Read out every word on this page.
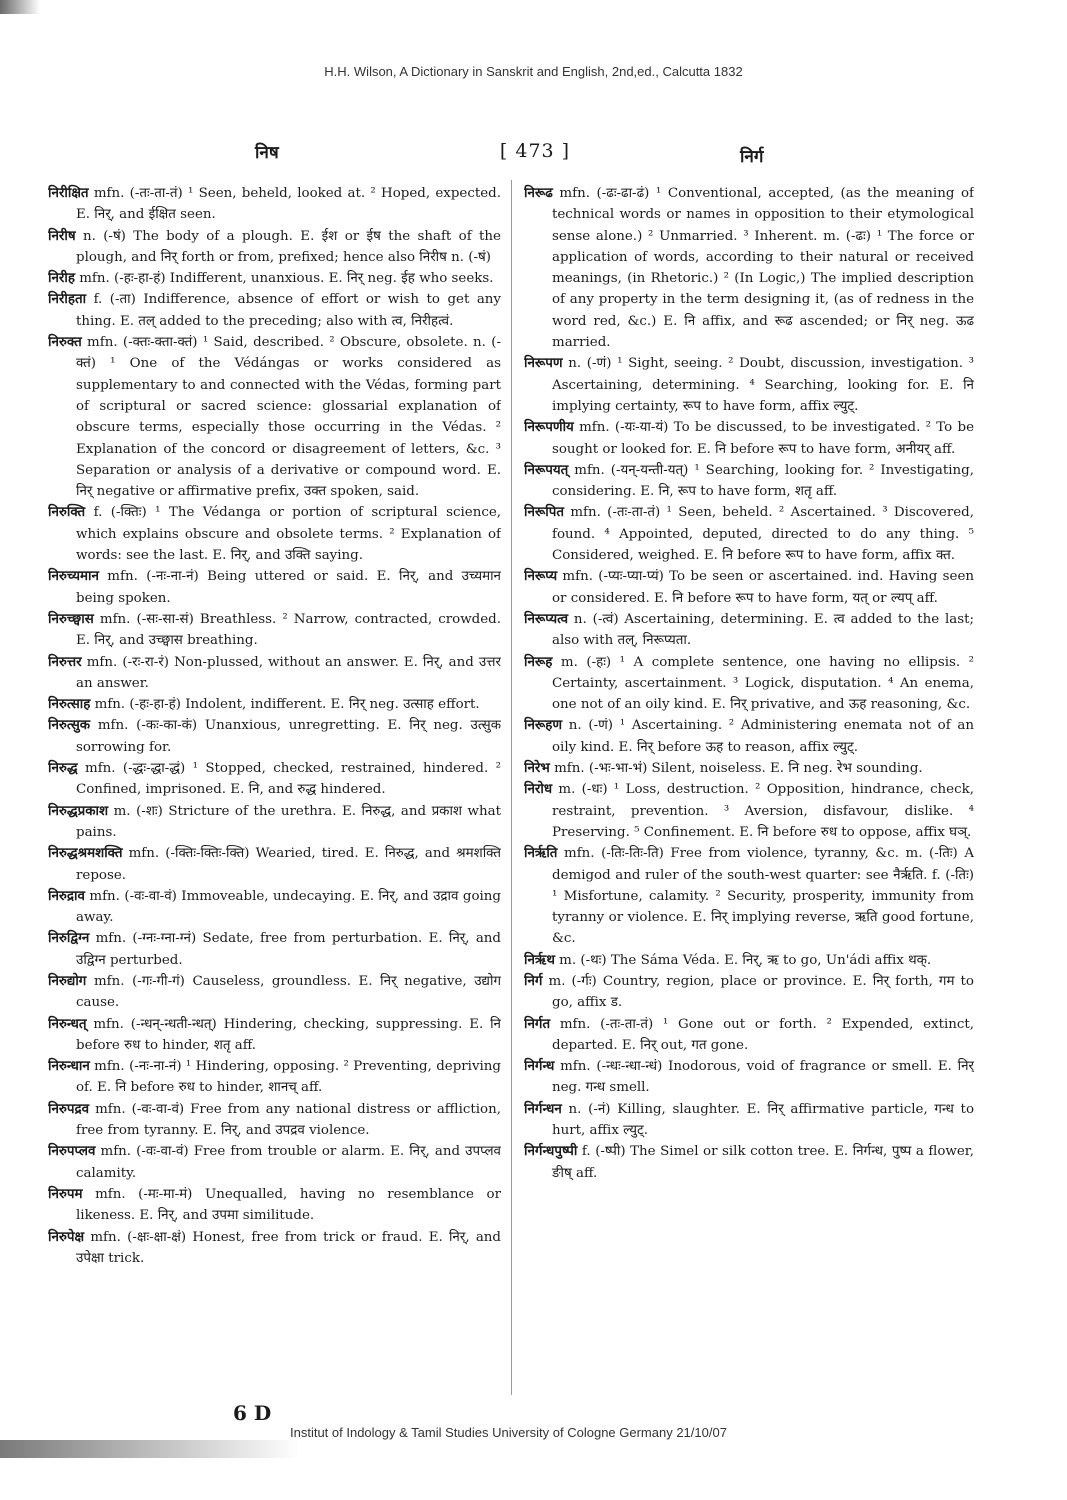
H.H. Wilson, A Dictionary in Sanskrit and English, 2nd,ed., Calcutta 1832
निष	[ 473 ]	निर्ग

निरीक्षित mfn. (-तः-ता-तं) ¹ Seen, beheld, looked at. ² Hoped, expected. E. निर्, and ईक्षित seen.

निरीष n. (-षं) The body of a plough. E. ईश or ईष the shaft of the plough, and निर् forth or from, prefixed; hence also निरीष n. (-षं)

निरीह mfn. (-हः-हा-हं) Indifferent, unanxious. E. निर् neg. ईह who seeks.

निरीहता f. (-ता) Indifference, absence of effort or wish to get any thing. E. तल् added to the preceding; also with त्व, निरीहत्वं.

निरुक्त mfn. (-क्तः-क्ता-क्तं) ¹ Said, described. ² Obscure, obsolete. n. (-क्तं) ¹ One of the Védángas or works considered as supplementary to and connected with the Védas, forming part of scriptural or sacred science: glossarial explanation of obscure terms, especially those occurring in the Védas. ² Explanation of the concord or disagreement of letters, &c. ³ Separation or analysis of a derivative or compound word. E. निर् negative or affirmative prefix, उक्त spoken, said.

निरुक्ति f. (-क्तिः) ¹ The Védanga or portion of scriptural science, which explains obscure and obsolete terms. ² Explanation of words: see the last. E. निर्, and उक्ति saying.

निरुच्यमान mfn. (-नः-ना-नं) Being uttered or said. E. निर्, and उच्यमान being spoken.

निरुच्छ्वास mfn. (-सः-सा-सं) Breathless. ² Narrow, contracted, crowded. E. निर्, and उच्छ्वास breathing.

निरुत्तर mfn. (-रः-रा-रं) Non-plussed, without an answer. E. निर्, and उत्तर an answer.

निरुत्साह mfn. (-हः-हा-हं) Indolent, indifferent. E. निर् neg. उत्साह effort.

निरुत्सुक mfn. (-कः-का-कं) Unanxious, unregretting. E. निर् neg. उत्सुक sorrowing for.

निरुद्ध mfn. (-द्धः-द्धा-द्धं) ¹ Stopped, checked, restrained, hindered. ² Confined, imprisoned. E. नि, and रुद्ध hindered.

निरुद्धप्रकाश m. (-शः) Stricture of the urethra. E. निरुद्ध, and प्रकाश what pains.

निरुद्धश्रमशक्ति mfn. (-क्तिः-क्तिः-क्ति) Wearied, tired. E. निरुद्ध, and श्रमशक्ति repose.

निरुद्राव mfn. (-वः-वा-वं) Immoveable, undecaying. E. निर्, and उद्राव going away.

निरुद्विग्न mfn. (-ग्नः-ग्ना-ग्नं) Sedate, free from perturbation. E. निर्, and उद्विग्न perturbed.

निरुद्योग mfn. (-गः-गी-गं) Causeless, groundless. E. निर् negative, उद्योग cause.

निरुन्धत् mfn. (-न्धन्-न्धती-न्धत्) Hindering, checking, suppressing. E. नि before रुध to hinder, शतृ aff.

निरुन्धान mfn. (-नः-ना-नं) ¹ Hindering, opposing. ² Preventing, depriving of. E. नि before रुध to hinder, शानच् aff.

निरुपद्रव mfn. (-वः-वा-वं) Free from any national distress or affliction, free from tyranny. E. निर्, and उपद्रव violence.

निरुपप्लव mfn. (-वः-वा-वं) Free from trouble or alarm. E. निर्, and उपप्लव calamity.

निरुपम mfn. (-मः-मा-मं) Unequalled, having no resemblance or likeness. E. निर्, and उपमा similitude.

निरुपेक्ष mfn. (-क्षः-क्षा-क्षं) Honest, free from trick or fraud. E. निर्, and उपेक्षा trick.

निरूढ mfn. (-ढः-ढा-ढं) ¹ Conventional, accepted, (as the meaning of technical words or names in opposition to their etymological sense alone.) ² Unmarried. ³ Inherent. m. (-ढः) ¹ The force or application of words, according to their natural or received meanings, (in Rhetoric.) ² (In Logic,) The implied description of any property in the term designing it, (as of redness in the word red, &c.) E. नि affix, and रूढ ascended; or निर् neg. ऊढ married.

निरूपण n. (-णं) ¹ Sight, seeing. ² Doubt, discussion, investigation. ³ Ascertaining, determining. ⁴ Searching, looking for. E. नि implying certainty, रूप to have form, affix ल्युट्.

निरूपणीय mfn. (-यः-या-यं) To be discussed, to be investigated. ² To be sought or looked for. E. नि before रूप to have form, अनीयर् aff.

निरूपयत् mfn. (-यन्-यन्ती-यत्) ¹ Searching, looking for. ² Investigating, considering. E. नि, रूप to have form, शतृ aff.

निरूपित mfn. (-तः-ता-तं) ¹ Seen, beheld. ² Ascertained. ³ Discovered, found. ⁴ Appointed, deputed, directed to do any thing. ⁵ Considered, weighed. E. नि before रूप to have form, affix क्त.

निरूप्य mfn. (-प्यः-प्या-प्यं) To be seen or ascertained. ind. Having seen or considered. E. नि before रूप to have form, यत् or ल्यप् aff.

निरूप्यत्व n. (-त्वं) Ascertaining, determining. E. त्व added to the last; also with तल्, निरूप्यता.

निरूह m. (-हः) ¹ A complete sentence, one having no ellipsis. ² Certainty, ascertainment. ³ Logick, disputation. ⁴ An enema, one not of an oily kind. E. निर् privative, and ऊह reasoning, &c.

निरूहण n. (-णं) ¹ Ascertaining. ² Administering enemata not of an oily kind. E. निर् before ऊह to reason, affix ल्युट्.

निरेभ mfn. (-भः-भा-भं) Silent, noiseless. E. नि neg. रेभ sounding.

निरोध m. (-धः) ¹ Loss, destruction. ² Opposition, hindrance, check, restraint, prevention. ³ Aversion, disfavour, dislike. ⁴ Preserving. ⁵ Confinement. E. नि before रुध to oppose, affix घञ्.

निर्ऋति mfn. (-तिः-तिः-ति) Free from violence, tyranny, &c. m. (-तिः) A demigod and ruler of the south-west quarter: see नैर्ऋति. f. (-तिः) ¹ Misfortune, calamity. ² Security, prosperity, immunity from tyranny or violence. E. निर् implying reverse, ऋति good fortune, &c.

निर्ऋथ m. (-थः) The Sáma Véda. E. निर्, ऋ to go, Un'ádi affix थक्.

निर्ग m. (-र्गः) Country, region, place or province. E. निर् forth, गम to go, affix ड.

निर्गत mfn. (-तः-ता-तं) ¹ Gone out or forth. ² Expended, extinct, departed. E. निर् out, गत gone.

निर्गन्ध mfn. (-न्धः-न्धा-न्धं) Inodorous, void of fragrance or smell. E. निर् neg. गन्ध smell.

निर्गन्धन n. (-नं) Killing, slaughter. E. निर् affirmative particle, गन्ध to hurt, affix ल्युट्.

निर्गन्धपुष्पी f. (-ष्पी) The Simel or silk cotton tree. E. निर्गन्ध, पुष्प a flower, ङीष् aff.

6 D
Institut of Indology & Tamil Studies University of Cologne Germany 21/10/07
